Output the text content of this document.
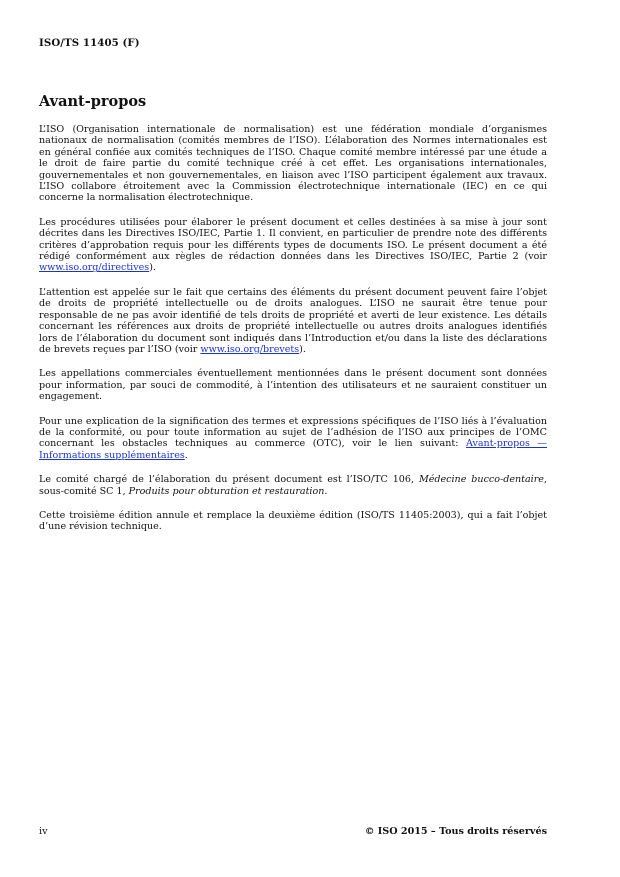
ISO/TS 11405 (F)
Avant-propos

L’ISO (Organisation internationale de normalisation) est une fédération mondiale d’organismes nationaux de normalisation (comités membres de l’ISO). L’élaboration des Normes internationales est en général confiée aux comités techniques de l’ISO. Chaque comité membre intéressé par une étude a le droit de faire partie du comité technique créé à cet effet. Les organisations internationales, gouvernementales et non gouvernementales, en liaison avec l’ISO participent également aux travaux. L’ISO collabore étroitement avec la Commission électrotechnique internationale (IEC) en ce qui concerne la normalisation électrotechnique.

Les procédures utilisées pour élaborer le présent document et celles destinées à sa mise à jour sont décrites dans les Directives ISO/IEC, Partie 1. Il convient, en particulier de prendre note des différents critères d’approbation requis pour les différents types de documents ISO. Le présent document a été rédigé conformément aux règles de rédaction données dans les Directives ISO/IEC, Partie 2 (voir www.iso.org/directives).

L’attention est appelée sur le fait que certains des éléments du présent document peuvent faire l’objet de droits de propriété intellectuelle ou de droits analogues. L’ISO ne saurait être tenue pour responsable de ne pas avoir identifié de tels droits de propriété et averti de leur existence. Les détails concernant les références aux droits de propriété intellectuelle ou autres droits analogues identifiés lors de l’élaboration du document sont indiqués dans l’Introduction et/ou dans la liste des déclarations de brevets reçues par l’ISO (voir www.iso.org/brevets).

Les appellations commerciales éventuellement mentionnées dans le présent document sont données pour information, par souci de commodité, à l’intention des utilisateurs et ne sauraient constituer un engagement.

Pour une explication de la signification des termes et expressions spécifiques de l’ISO liés à l’évaluation de la conformité, ou pour toute information au sujet de l’adhésion de l’ISO aux principes de l’OMC concernant les obstacles techniques au commerce (OTC), voir le lien suivant: Avant-propos — Informations supplémentaires.

Le comité chargé de l’élaboration du présent document est l’ISO/TC 106, Médecine bucco-dentaire, sous-comité SC 1, Produits pour obturation et restauration.

Cette troisième édition annule et remplace la deuxième édition (ISO/TS 11405:2003), qui a fait l’objet d’une révision technique.

iv	© ISO 2015 – Tous droits réservés
